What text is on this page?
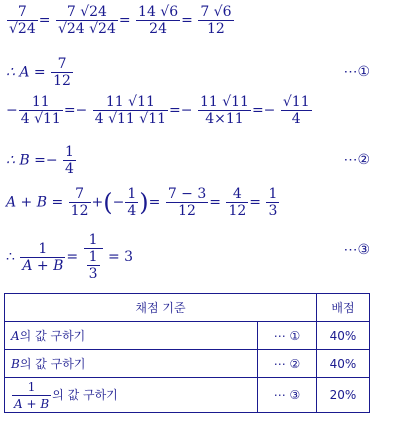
$\frac{7}{√24} = \frac{7 √24}{√24 √24} = \frac{14 √6}{24} = \frac{7 √6}{12}$
∴ $A = \frac{7}{12}$	⋯①
− $\frac{11}{4 √11} =- \frac{11 √11}{4 √11 √11} =- \frac{11 √11}{4\times 11} =- \frac{√11}{4}$
∴ $B =- \frac{1}{4}$	⋯②
$A + B = \frac{7}{12}$ +(− $\frac{1}{4}$ )= $\frac{7 - 3}{12} = \frac{4}{12} = \frac{1}{3}$
∴ $\frac{1}{A + B} = \frac{1}{\frac{1}{3}} = 3$	⋯③
채점 기준		배점
A의 값 구하기	⋯ ①	40%
B의 값 구하기	⋯ ②	40%

$\frac{1}{A + B}$ 의 값 구하기	⋯ ③	20%
